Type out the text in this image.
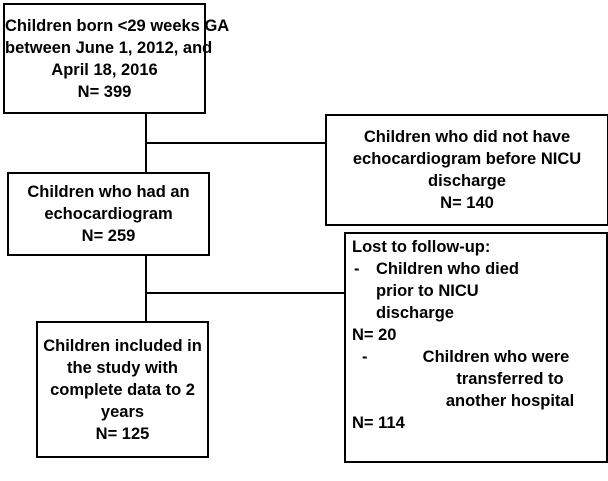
Children born <29 weeks GA
between June 1, 2012, and
April 18, 2016
N= 399
Children who did not have
echocardiogram before NICU
discharge
N= 140
Children who had an
echocardiogram
N= 259
Lost to follow-up:
-	Children who died
prior to NICU
discharge
N= 20
-	Children who were
transferred to
another hospital
N= 114
Children included in
the study with
complete data to 2
years
N= 125
